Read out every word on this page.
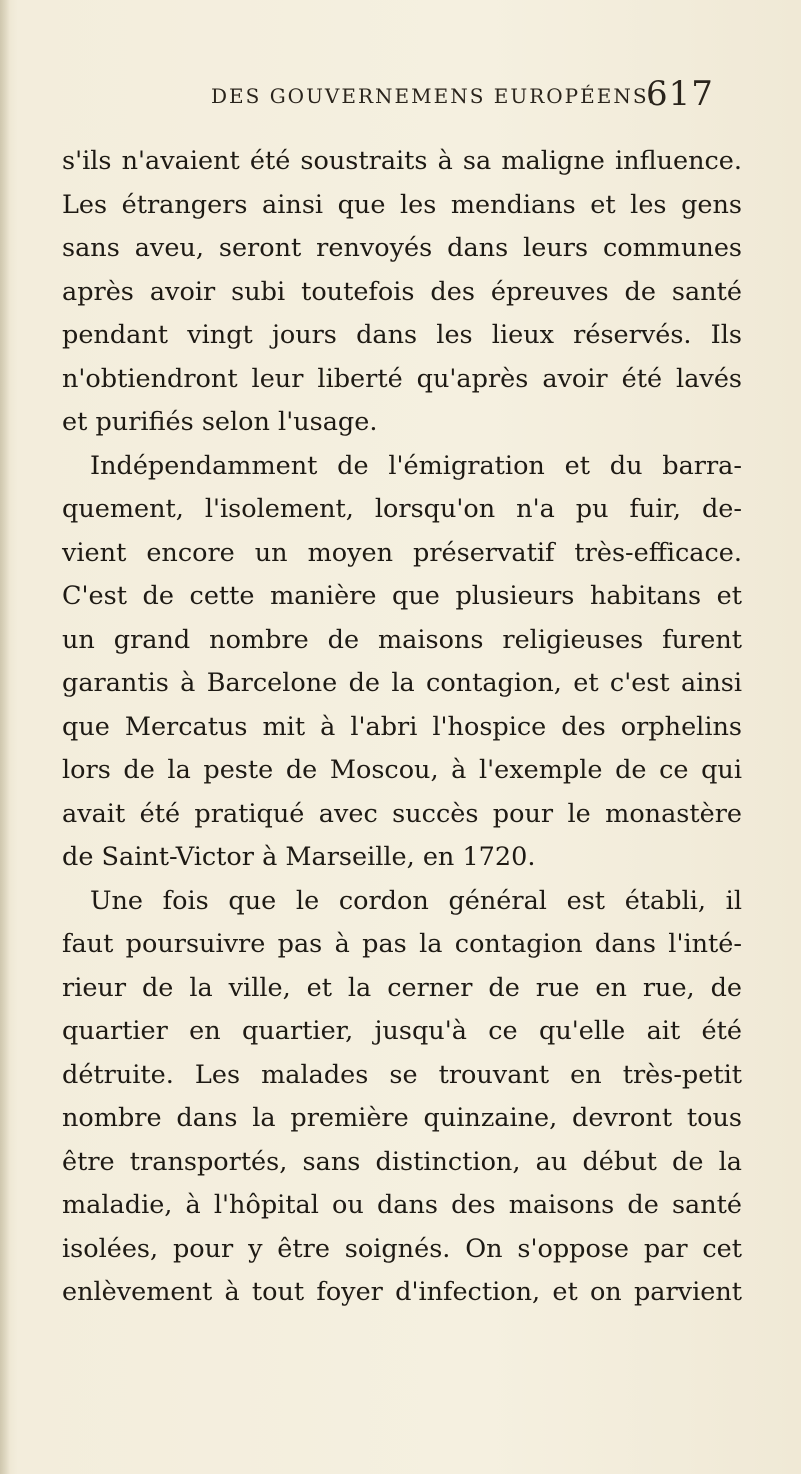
DES GOUVERNEMENS EUROPÉENS.
617
s'ils n'avaient été soustraits à sa maligne influence.
Les étrangers ainsi que les mendians et les gens
sans aveu, seront renvoyés dans leurs communes
après avoir subi toutefois des épreuves de santé
pendant vingt jours dans les lieux réservés. Ils
n'obtiendront leur liberté qu'après avoir été lavés
et purifiés selon l'usage.
Indépendamment de l'émigration et du barra-
quement, l'isolement, lorsqu'on n'a pu fuir, de-
vient encore un moyen préservatif très-efficace.
C'est de cette manière que plusieurs habitans et
un grand nombre de maisons religieuses furent
garantis à Barcelone de la contagion, et c'est ainsi
que Mercatus mit à l'abri l'hospice des orphelins
lors de la peste de Moscou, à l'exemple de ce qui
avait été pratiqué avec succès pour le monastère
de Saint-Victor à Marseille, en 1720.
Une fois que le cordon général est établi, il
faut poursuivre pas à pas la contagion dans l'inté-
rieur de la ville, et la cerner de rue en rue, de
quartier en quartier, jusqu'à ce qu'elle ait été
détruite. Les malades se trouvant en très-petit
nombre dans la première quinzaine, devront tous
être transportés, sans distinction, au début de la
maladie, à l'hôpital ou dans des maisons de santé
isolées, pour y être soignés. On s'oppose par cet
enlèvement à tout foyer d'infection, et on parvient
